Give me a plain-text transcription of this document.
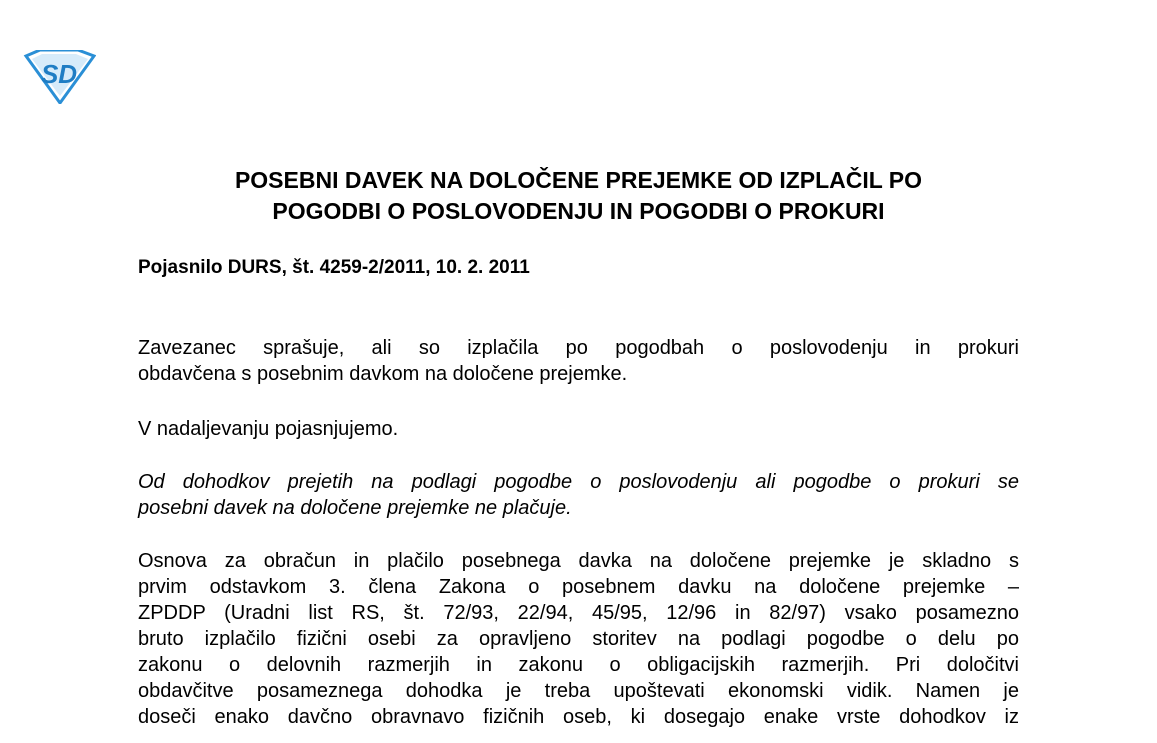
SD
POSEBNI DAVEK NA DOLOČENE PREJEMKE OD IZPLAČIL PO
POGODBI O POSLOVODENJU IN POGODBI O PROKURI

Pojasnilo DURS, št. 4259-2/2011, 10. 2. 2011

Zavezanec sprašuje, ali so izplačila po pogodbah o poslovodenju in prokuri
obdavčena s posebnim davkom na določene prejemke.

V nadaljevanju pojasnjujemo.

Od dohodkov prejetih na podlagi pogodbe o poslovodenju ali pogodbe o prokuri se
posebni davek na določene prejemke ne plačuje.

Osnova za obračun in plačilo posebnega davka na določene prejemke je skladno s
prvim odstavkom 3. člena Zakona o posebnem davku na določene prejemke –
ZPDDP (Uradni list RS, št. 72/93, 22/94, 45/95, 12/96 in 82/97) vsako posamezno
bruto izplačilo fizični osebi za opravljeno storitev na podlagi pogodbe o delu po
zakonu o delovnih razmerjih in zakonu o obligacijskih razmerjih. Pri določitvi
obdavčitve posameznega dohodka je treba upoštevati ekonomski vidik. Namen je
doseči enako davčno obravnavo fizičnih oseb, ki dosegajo enake vrste dohodkov iz
